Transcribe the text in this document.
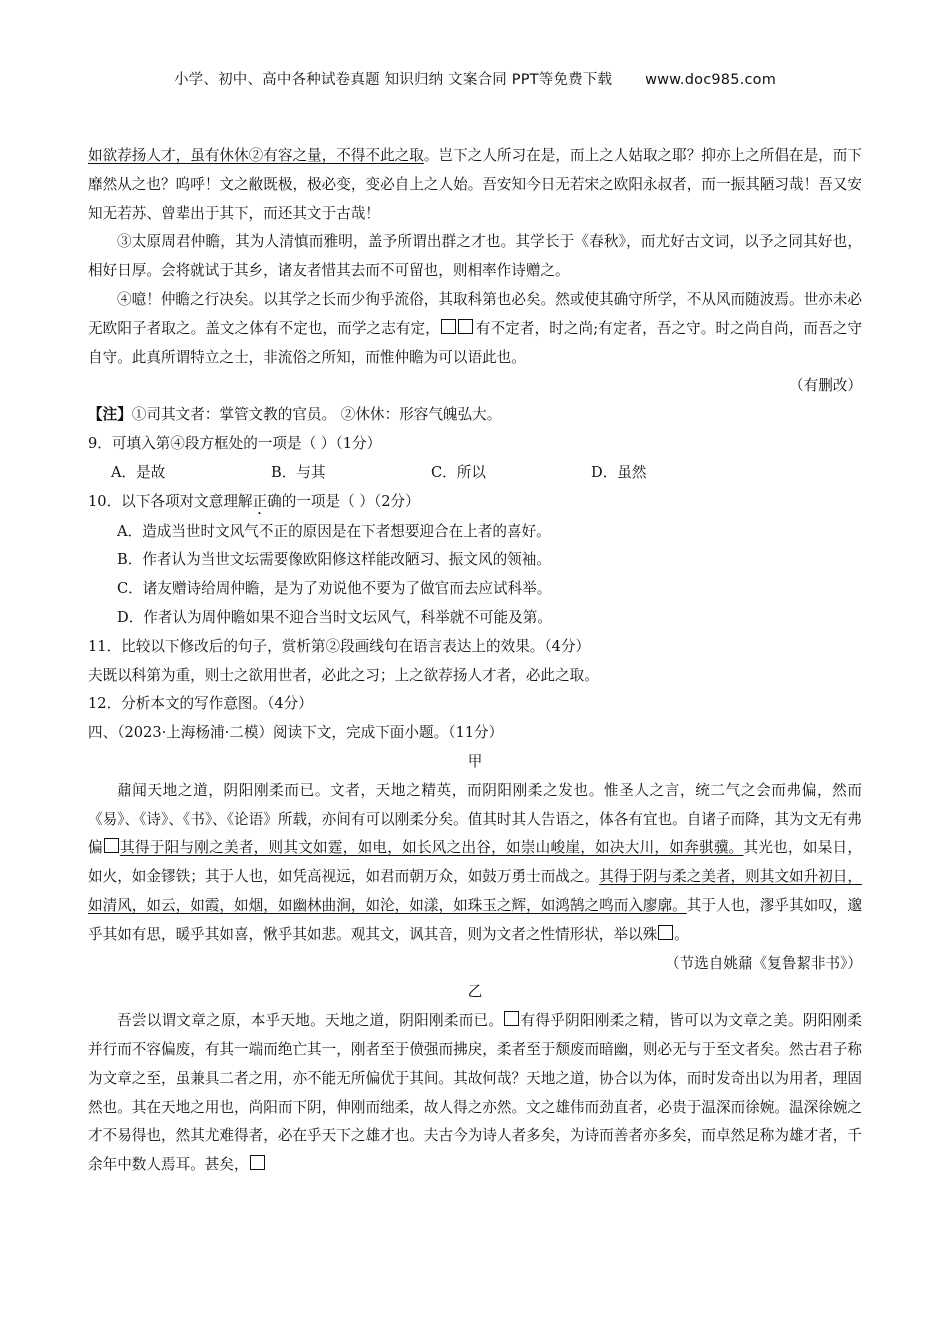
小学、初中、高中各种试卷真题 知识归纳 文案合同 PPT等免费下载 www.doc985.com

如欲荐扬人才，虽有休休②有容之量，不得不此之取。岂下之人所习在是，而上之人姑取之耶？抑亦上之所倡在是，而下靡然从之也？呜呼！文之敝既极，极必变，变必自上之人始。吾安知今日无若宋之欧阳永叔者，而一振其陋习哉！吾又安知无若苏、曾辈出于其下，而还其文于古哉！

③太原周君仲瞻，其为人清慎而雅明，盖予所谓出群之才也。其学长于《春秋》，而尤好古文词，以予之同其好也，相好日厚。会将就试于其乡，诸友者惜其去而不可留也，则相率作诗赠之。

④噫！仲瞻之行决矣。以其学之长而少徇乎流俗，其取科第也必矣。然或使其确守所学，不从风而随波焉。世亦未必无欧阳子者取之。盖文之体有不定也，而学之志有定， 有不定者，时之尚;有定者，吾之守。时之尚自尚，而吾之守自守。此真所谓特立之士，非流俗之所知，而惟仲瞻为可以语此也。

（有删改）

【注】①司其文者：掌管文教的官员。 ②休休：形容气魄弘大。

9．可填入第④段方框处的一项是（ ）（1分）

A．是故	B．与其	C．所以	D．虽然

10．以下各项对文意理解正确的一项是（ ）（2分）

A．造成当世时文风气不正的原因是在下者想要迎合在上者的喜好。

B．作者认为当世文坛需要像欧阳修这样能改陋习、振文风的领袖。

C．诸友赠诗给周仲瞻，是为了劝说他不要为了做官而去应试科举。

D．作者认为周仲瞻如果不迎合当时文坛风气，科举就不可能及第。

11．比较以下修改后的句子，赏析第②段画线句在语言表达上的效果。（4分）

夫既以科第为重，则士之欲用世者，必此之习；上之欲荐扬人才者，必此之取。

12．分析本文的写作意图。（4分）

四、（2023·上海杨浦·二模）阅读下文，完成下面小题。（11分）

甲

鼐闻天地之道，阴阳刚柔而已。文者，天地之精英，而阴阳刚柔之发也。惟圣人之言，统二气之会而弗偏，然而《易》、《诗》、《书》、《论语》所载，亦间有可以刚柔分矣。值其时其人告语之，体各有宜也。自诸子而降，其为文无有弗偏 其得于阳与刚之美者，则其文如霆，如电，如长风之出谷，如崇山峻崖，如决大川，如奔骐骥。其光也，如杲日，如火，如金镠铁；其于人也，如凭高视远，如君而朝万众，如鼓万勇士而战之。其得于阴与柔之美者，则其文如升初日，如清风，如云，如霞，如烟，如幽林曲涧，如沦，如漾，如珠玉之辉，如鸿鹄之鸣而入廖廓。其于人也，漻乎其如叹，邈乎其如有思，暖乎其如喜，愀乎其如悲。观其文，讽其音，则为文者之性情形状，举以殊 。

（节选自姚鼐《复鲁絜非书》）

乙

吾尝以谓文章之原，本乎天地。天地之道，阴阳刚柔而已。 有得乎阴阳刚柔之精，皆可以为文章之美。阴阳刚柔并行而不容偏废，有其一端而绝亡其一，刚者至于偾强而拂戾，柔者至于颓废而暗幽，则必无与于至文者矣。然古君子称为文章之至，虽兼具二者之用，亦不能无所偏优于其间。其故何哉？天地之道，协合以为体，而时发奇出以为用者，理固然也。其在天地之用也，尚阳而下阴，伸刚而绌柔，故人得之亦然。文之雄伟而劲直者，必贵于温深而徐婉。温深徐婉之才不易得也，然其尤难得者，必在乎天下之雄才也。夫古今为诗人者多矣，为诗而善者亦多矣，而卓然足称为雄才者，千余年中数人焉耳。甚矣，
